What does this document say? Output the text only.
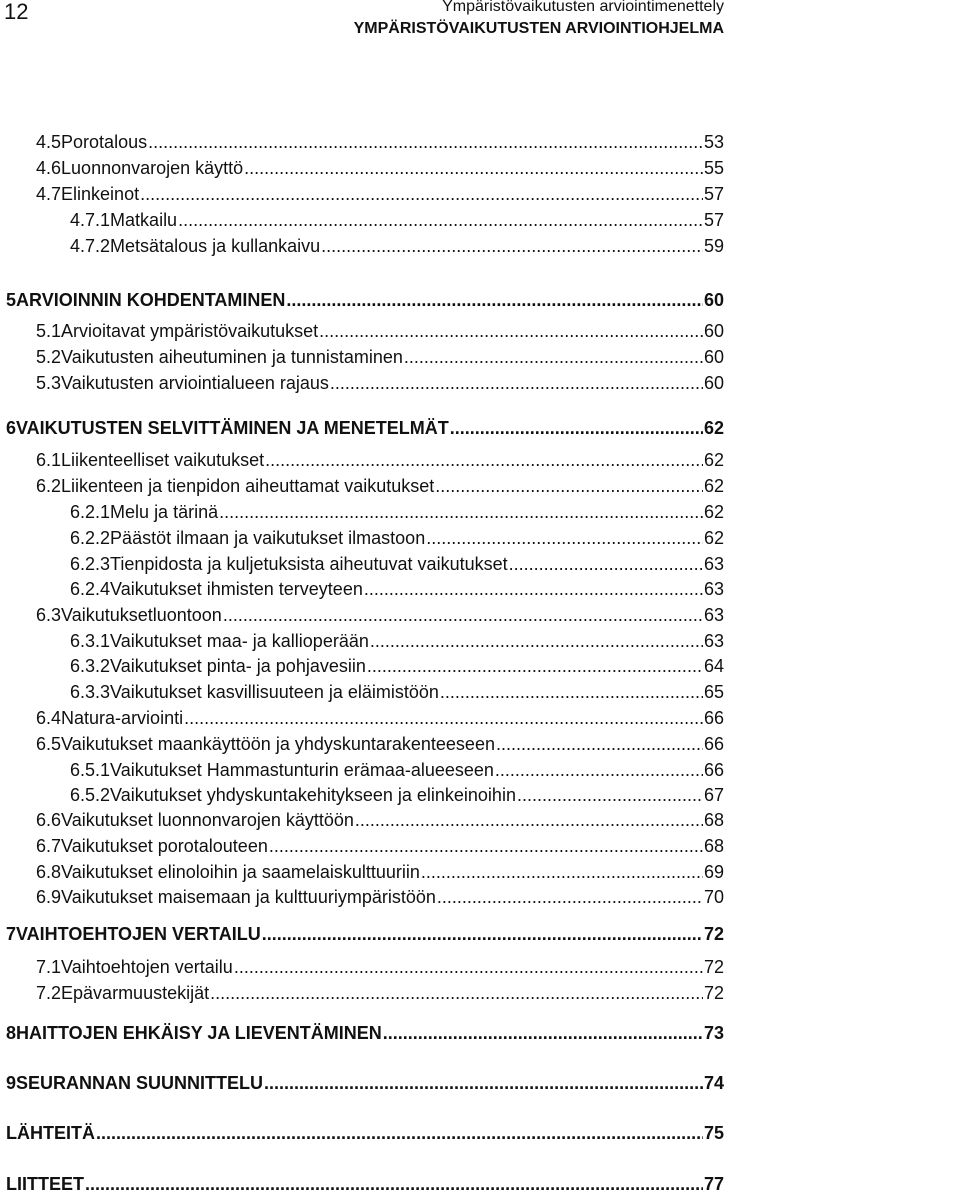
12	Ympäristövaikutusten arviointimenettely
YMPÄRISTÖVAIKUTUSTEN ARVIOINTIOHJELMA
4.5 Porotalous .....	53
4.6 Luonnonvarojen käyttö .....	55
4.7 Elinkeinot .....	57
4.7.1 Matkailu .....	57
4.7.2 Metsätalous ja kullankaivu .....	59
5 ARVIOINNIN KOHDENTAMINEN .....	60
5.1 Arvioitavat ympäristövaikutukset .....	60
5.2 Vaikutusten aiheutuminen ja tunnistaminen .....	60
5.3 Vaikutusten arviointialueen rajaus .....	60
6 VAIKUTUSTEN SELVITTÄMINEN JA MENETELMÄT .....	62
6.1 Liikenteelliset vaikutukset .....	62
6.2 Liikenteen ja tienpidon aiheuttamat vaikutukset .....	62
6.2.1 Melu ja tärinä .....	62
6.2.2 Päästöt ilmaan ja vaikutukset ilmastoon .....	62
6.2.3 Tienpidosta ja kuljetuksista aiheutuvat vaikutukset .....	63
6.2.4 Vaikutukset ihmisten terveyteen .....	63
6.3 Vaikutuksetluontoon .....	63
6.3.1 Vaikutukset maa- ja kallioperään .....	63
6.3.2 Vaikutukset pinta- ja pohjavesiin .....	64
6.3.3 Vaikutukset kasvillisuuteen ja eläimistöön .....	65
6.4 Natura-arviointi .....	66
6.5 Vaikutukset maankäyttöön ja yhdyskuntarakenteeseen .....	66
6.5.1 Vaikutukset Hammastunturin erämaa-alueeseen .....	66
6.5.2 Vaikutukset yhdyskuntakehitykseen ja elinkeinoihin .....	67
6.6 Vaikutukset luonnonvarojen käyttöön .....	68
6.7 Vaikutukset porotalouteen .....	68
6.8 Vaikutukset elinoloihin ja saamelaiskulttuuriin .....	69
6.9 Vaikutukset maisemaan ja kulttuuriympäristöön .....	70
7 VAIHTOEHTOJEN VERTAILU .....	72
7.1 Vaihtoehtojen vertailu .....	72
7.2 Epävarmuustekijät .....	72
8 HAITTOJEN EHKÄISY JA LIEVENTÄMINEN .....	73
9 SEURANNAN SUUNNITTELU .....	74
LÄHTEITÄ .....	75
LIITTEET .....	77
